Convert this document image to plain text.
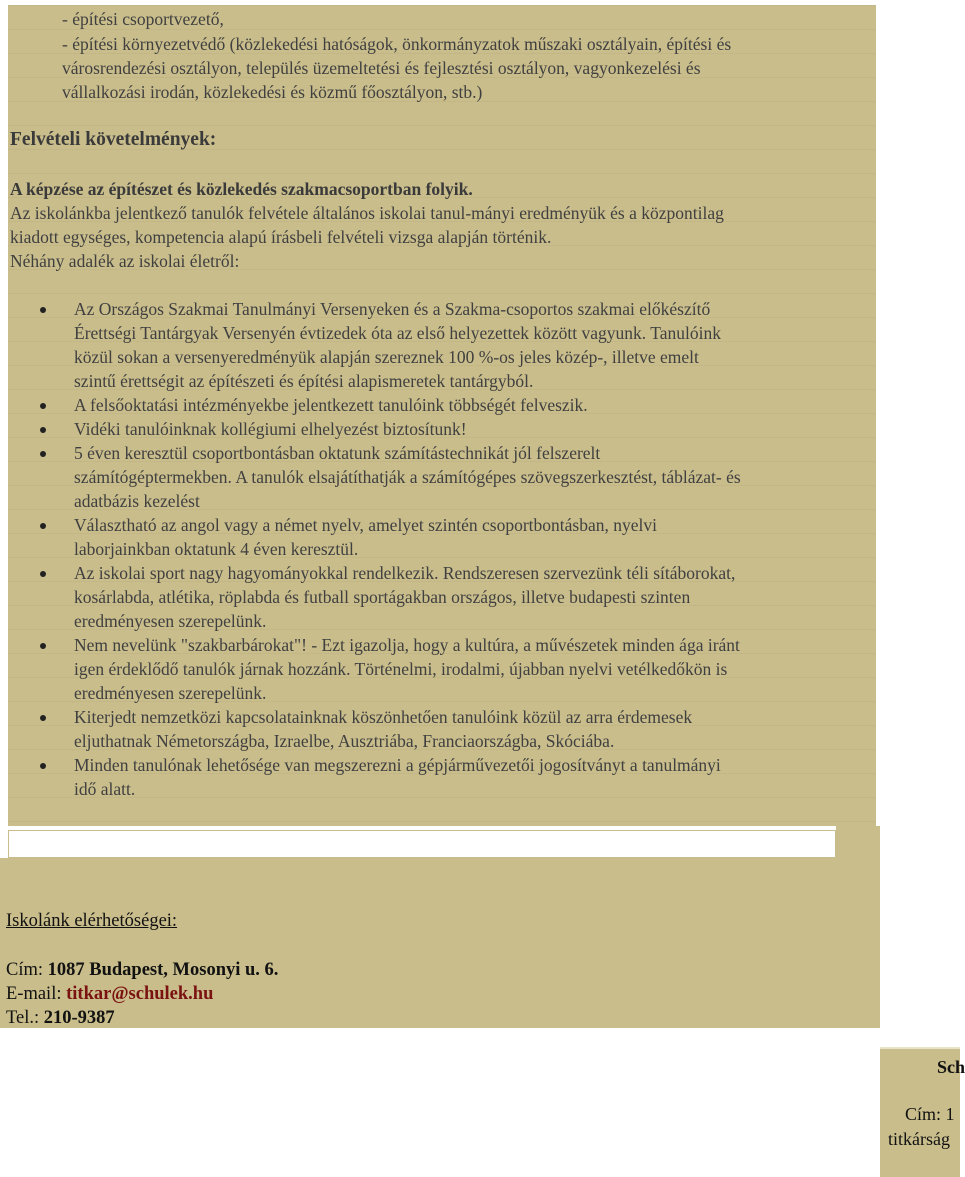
- építési csoportvezető,
- építési környezetvédő (közlekedési hatóságok, önkormányzatok műszaki osztályain, építési és
városrendezési osztályon, település üzemeltetési és fejlesztési osztályon, vagyonkezelési és
vállalkozási irodán, közlekedési és közmű főosztályon, stb.)
Felvételi követelmények:
A képzése az építészet és közlekedés szakmacsoportban folyik.
Az iskolánkba jelentkező tanulók felvétele általános iskolai tanul-mányi eredményük és a központilag
kiadott egységes, kompetencia alapú írásbeli felvételi vizsga alapján történik.
Néhány adalék az iskolai életről:
Az Országos Szakmai Tanulmányi Versenyeken és a Szakma-csoportos szakmai előkészítő
Érettségi Tantárgyak Versenyén évtizedek óta az első helyezettek között vagyunk. Tanulóink
közül sokan a versenyeredményük alapján szereznek 100 %-os jeles közép-, illetve emelt
szintű érettségit az építészeti és építési alapismeretek tantárgyból.
A felsőoktatási intézményekbe jelentkezett tanulóink többségét felveszik.
Vidéki tanulóinknak kollégiumi elhelyezést biztosítunk!
5 éven keresztül csoportbontásban oktatunk számítástechnikát jól felszerelt
számítógéptermekben. A tanulók elsajátíthatják a számítógépes szövegszerkesztést, táblázat- és
adatbázis kezelést
Választható az angol vagy a német nyelv, amelyet szintén csoportbontásban, nyelvi
laborjainkban oktatunk 4 éven keresztül.
Az iskolai sport nagy hagyományokkal rendelkezik. Rendszeresen szervezünk téli sítáborokat,
kosárlabda, atlétika, röplabda és futball sportágakban országos, illetve budapesti szinten
eredményesen szerepelünk.
Nem nevelünk "szakbarbárokat"! - Ezt igazolja, hogy a kultúra, a művészetek minden ága iránt
igen érdeklődő tanulók járnak hozzánk. Történelmi, irodalmi, újabban nyelvi vetélkedőkön is
eredményesen szerepelünk.
Kiterjedt nemzetközi kapcsolatainknak köszönhetően tanulóink közül az arra érdemesek
eljuthatnak Németországba, Izraelbe, Ausztriába, Franciaországba, Skóciába.
Minden tanulónak lehetősége van megszerezni a gépjárművezetői jogosítványt a tanulmányi
idő alatt.
Iskolánk elérhetőségei:
Cím: 1087 Budapest, Mosonyi u. 6.
E-mail: titkar@schulek.hu
Tel.: 210-9387
Sch
Cím: 1
titkárság
